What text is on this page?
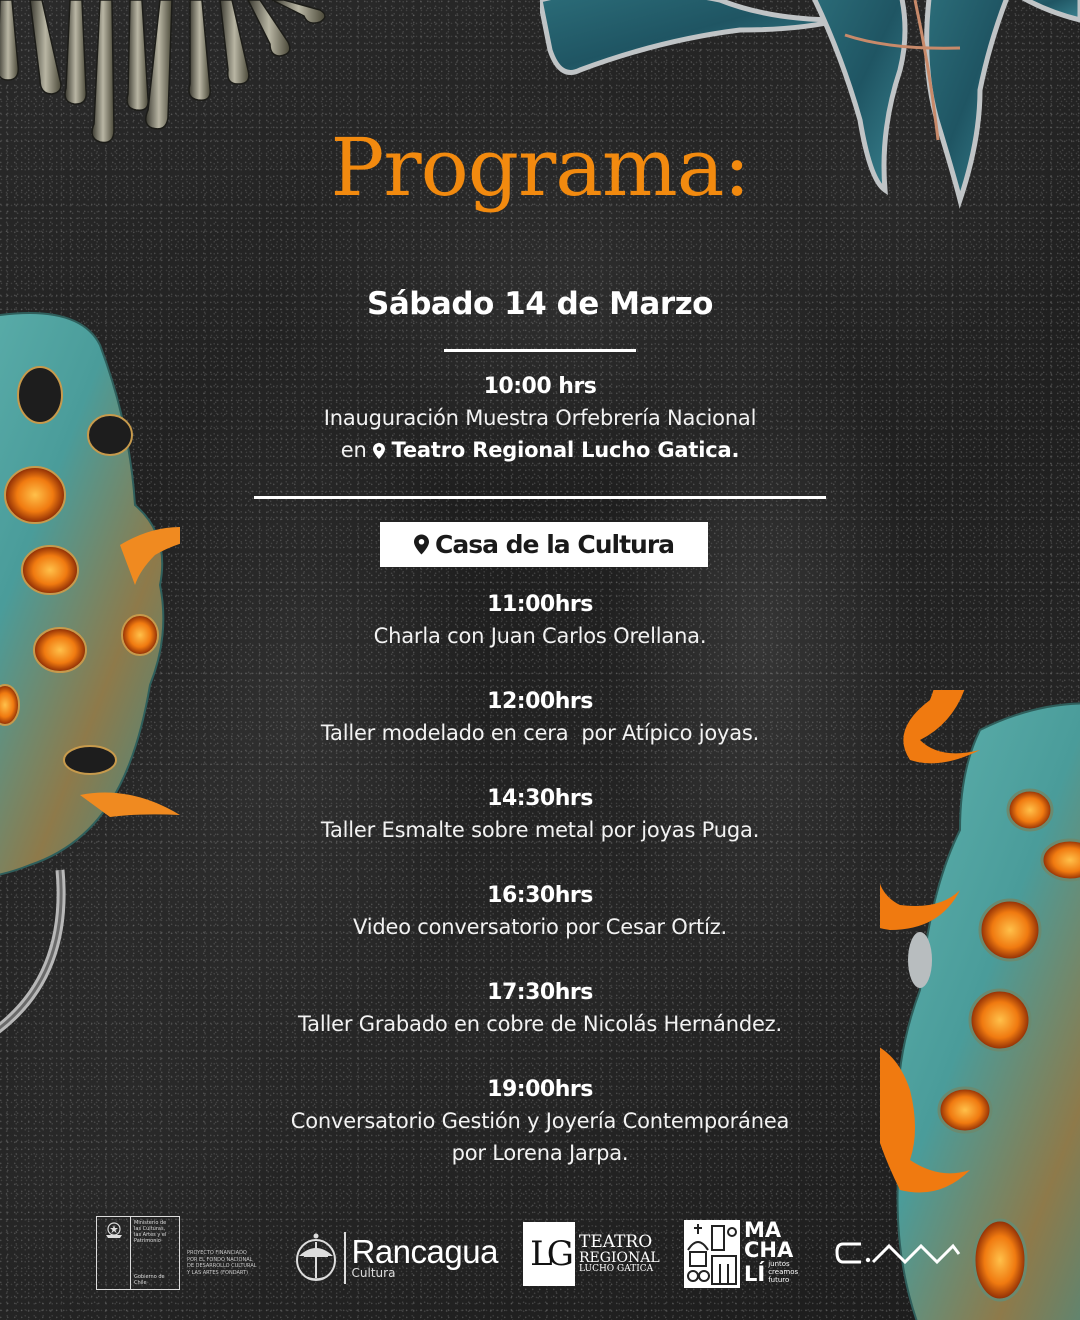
Programa:
Sábado 14 de Marzo
10:00 hrs
Inauguración Muestra Orfebrería Nacional
en Teatro Regional Lucho Gatica.
Casa de la Cultura
11:00hrs
Charla con Juan Carlos Orellana.
12:00hrs
Taller modelado en cera  por Atípico joyas.
14:30hrs
Taller Esmalte sobre metal por joyas Puga.
16:30hrs
Video conversatorio por Cesar Ortíz.
17:30hrs
Taller Grabado en cobre de Nicolás Hernández.
19:00hrs
Conversatorio Gestión y Joyería Contemporánea
por Lorena Jarpa.
Ministerio de
las Culturas,
las Artes y el
Patrimonio
Gobierno de Chile
PROYECTO FINANCIADO
POR EL FONDO NACIONAL
DE DESARROLLO CULTURAL
Y LAS ARTES (FONDART)
Rancagua
Cultura	LG TEATRO
REGIONAL
LUCHO GATICA
MA
CHA
LÍ juntos
creamos
futuro
